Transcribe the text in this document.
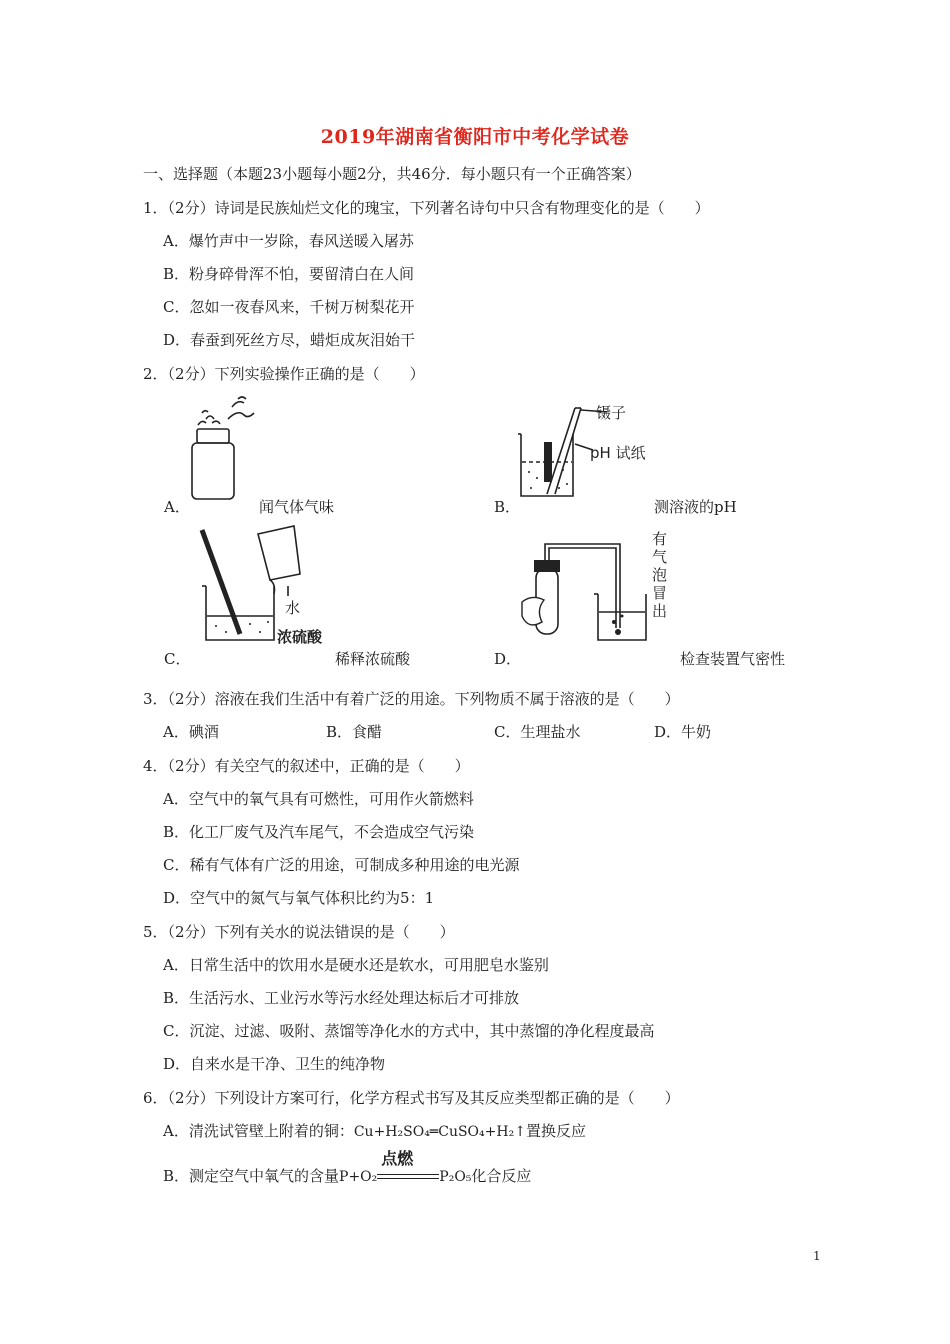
2019年湖南省衡阳市中考化学试卷
一、选择题（本题23小题每小题2分，共46分．每小题只有一个正确答案）
1．（2分）诗词是民族灿烂文化的瑰宝，下列著名诗句中只含有物理变化的是（　　）
A．爆竹声中一岁除，春风送暖入屠苏
B．粉身碎骨浑不怕，要留清白在人间
C．忽如一夜春风来，千树万树梨花开
D．春蚕到死丝方尽，蜡炬成灰泪始干
2．（2分）下列实验操作正确的是（　　）
A．	闻气体气味
镊子
pH 试纸
B．	测溶液的pH
水
浓硫酸
C．	稀释浓硫酸
有气泡冒出
D．	检查装置气密性
3．（2分）溶液在我们生活中有着广泛的用途。下列物质不属于溶液的是（　　）
A．碘酒	B．食醋	C．生理盐水	D．牛奶
4．（2分）有关空气的叙述中，正确的是（　　）
A．空气中的氧气具有可燃性，可用作火箭燃料
B．化工厂废气及汽车尾气，不会造成空气污染
C．稀有气体有广泛的用途，可制成多种用途的电光源
D．空气中的氮气与氧气体积比约为5：1
5．（2分）下列有关水的说法错误的是（　　）
A．日常生活中的饮用水是硬水还是软水，可用肥皂水鉴别
B．生活污水、工业污水等污水经处理达标后才可排放
C．沉淀、过滤、吸附、蒸馏等净化水的方式中，其中蒸馏的净化程度最高
D．自来水是干净、卫生的纯净物
6．（2分）下列设计方案可行，化学方程式书写及其反应类型都正确的是（　　）
A．清洗试管壁上附着的铜：Cu+H₂SO₄═CuSO₄+H₂↑置换反应
B．测定空气中氧气的含量P+O₂
点燃
P₂O₅化合反应
1
